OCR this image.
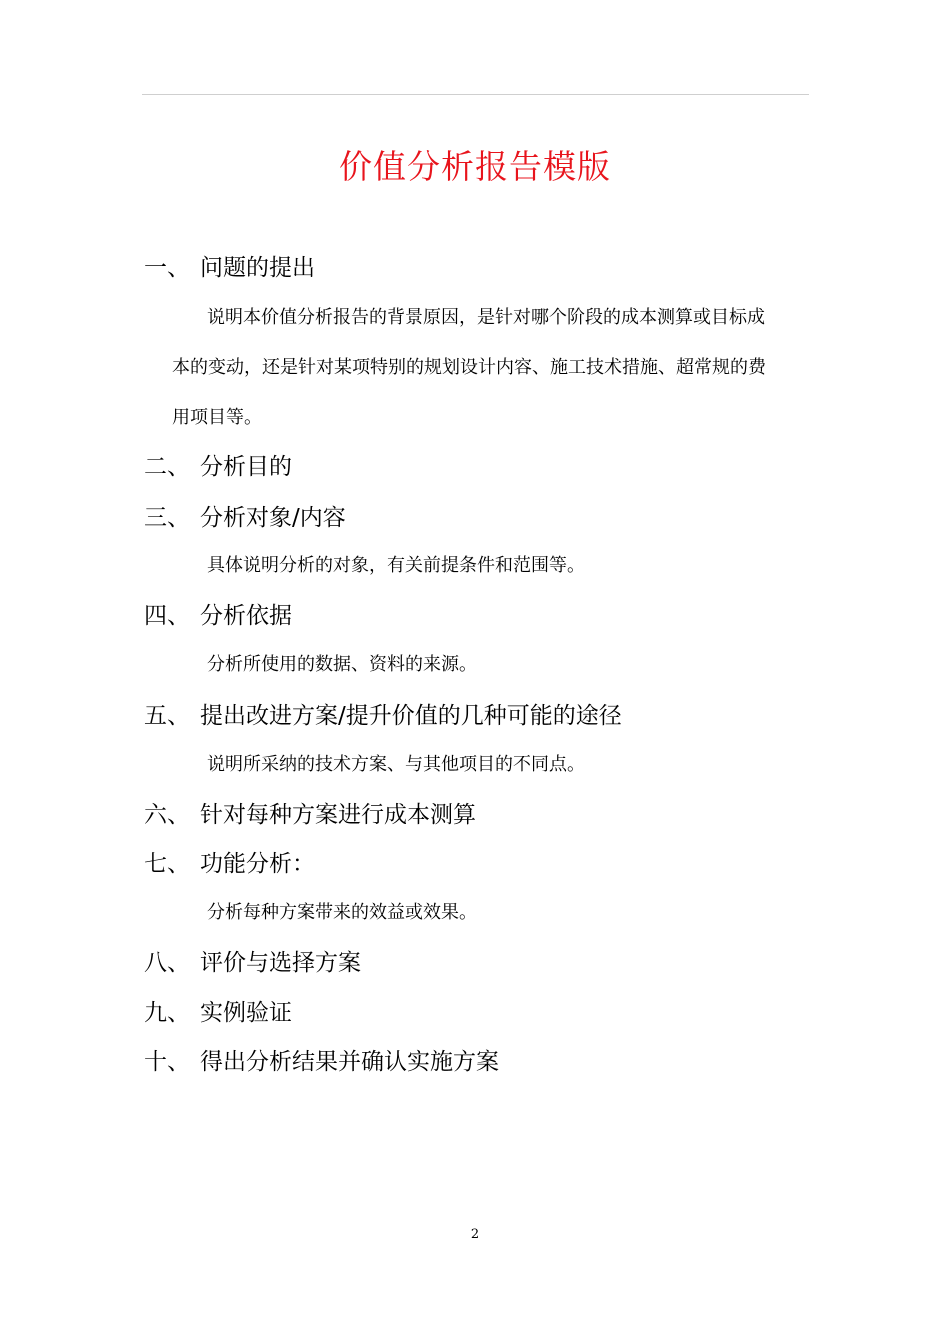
价值分析报告模版
一、 问题的提出
说明本价值分析报告的背景原因，是针对哪个阶段的成本测算或目标成
本的变动，还是针对某项特别的规划设计内容、施工技术措施、超常规的费
用项目等。
二、 分析目的
三、 分析对象/内容
具体说明分析的对象，有关前提条件和范围等。
四、 分析依据
分析所使用的数据、资料的来源。
五、 提出改进方案/提升价值的几种可能的途径
说明所采纳的技术方案、与其他项目的不同点。
六、 针对每种方案进行成本测算
七、 功能分析：
分析每种方案带来的效益或效果。
八、 评价与选择方案
九、 实例验证
十、 得出分析结果并确认实施方案
2
